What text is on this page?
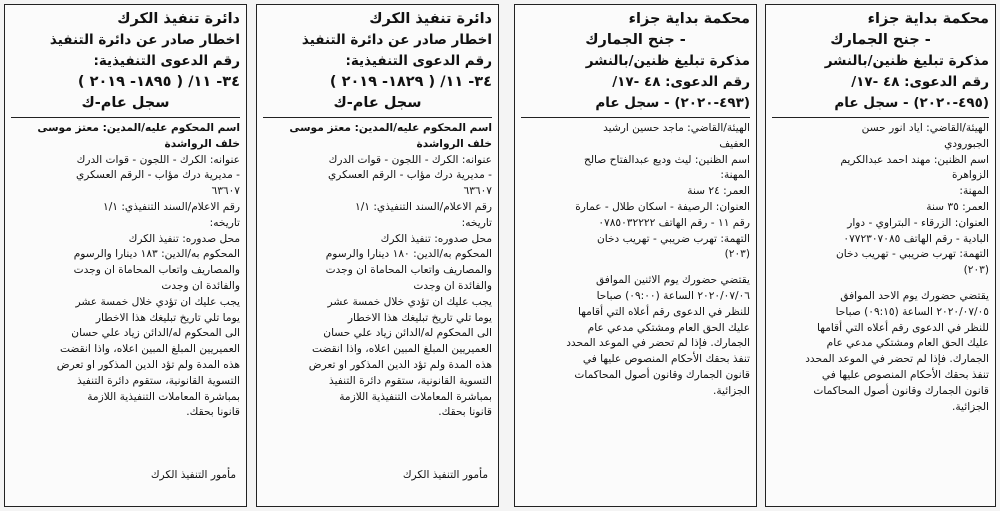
دائرة تنفيذ الكرك

اخطار صادر عن دائرة التنفيذ

رقم الدعوى التنفيذية:

٣٤- ١١/ ( ١٨٩٥- ٢٠١٩ )

سجل عام-ك

اسم المحكوم عليه/المدين: معتز موسى

خلف الرواشدة

عنوانه: الكرك - اللجون - قوات الدرك

- مديرية درك مؤاب - الرقم العسكري

٦٣٦٠٧

رقم الاعلام/السند التنفيذي: ١/١

تاريخه:

محل صدوره: تنفيذ الكرك

المحكوم به/الدين: ١٨٣ دينارا والرسوم

والمصاريف واتعاب المحاماة ان وجدت

والفائدة ان وجدت

يجب عليك ان تؤدي خلال خمسة عشر

يوما تلي تاريخ تبليغك هذا الاخطار

الى المحكوم له/الدائن زياد علي حسان

العميريين المبلغ المبين اعلاه، واذا انقضت

هذه المدة ولم تؤد الدين المذكور او تعرض

التسوية القانونية، ستقوم دائرة التنفيذ

بمباشرة المعاملات التنفيذية اللازمة

قانونا بحقك.

مأمور التنفيذ الكرك

دائرة تنفيذ الكرك

اخطار صادر عن دائرة التنفيذ

رقم الدعوى التنفيذية:

٣٤- ١١/ ( ١٨٢٩- ٢٠١٩ )

سجل عام-ك

اسم المحكوم عليه/المدين: معتز موسى

خلف الرواشدة

عنوانه: الكرك - اللجون - قوات الدرك

- مديرية درك مؤاب - الرقم العسكري

٦٣٦٠٧

رقم الاعلام/السند التنفيذي: ١/١

تاريخه:

محل صدوره: تنفيذ الكرك

المحكوم به/الدين: ١٨٠ دينارا والرسوم

والمصاريف واتعاب المحاماة ان وجدت

والفائدة ان وجدت

يجب عليك ان تؤدي خلال خمسة عشر

يوما تلي تاريخ تبليغك هذا الاخطار

الى المحكوم له/الدائن زياد علي حسان

العميريين المبلغ المبين اعلاه، واذا انقضت

هذه المدة ولم تؤد الدين المذكور او تعرض

التسوية القانونية، ستقوم دائرة التنفيذ

بمباشرة المعاملات التنفيذية اللازمة

قانونا بحقك.

مأمور التنفيذ الكرك

محكمة بداية جزاء

- جنح الجمارك

مذكرة تبليغ ظنين/بالنشر

رقم الدعوى: ٤٨ -١٧/

(٤٩٣-٢٠٢٠) - سجل عام

الهيئة/القاضي: ماجد حسين ارشيد

العفيف

اسم الظنين: ليث وديع عبدالفتاح صالح

المهنة:

العمر: ٢٤ سنة

العنوان: الرصيفة - اسكان طلال - عمارة

رقم ١١ - رقم الهاتف ٠٧٨٥٠٣٢٢٢٢

التهمة: تهرب ضريبي - تهريب دخان

(٢٠٣)

يقتضي حضورك يوم الاثنين الموافق

٢٠٢٠/٠٧/٠٦ الساعة (٠٩:٠٠) صباحا

للنظر في الدعوى رقم أعلاه التي أقامها

عليك الحق العام ومشتكي مدعي عام

الجمارك. فإذا لم تحضر في الموعد المحدد

تنفذ بحقك الأحكام المنصوص عليها في

قانون الجمارك وقانون أصول المحاكمات

الجزائية.

محكمة بداية جزاء

- جنح الجمارك

مذكرة تبليغ ظنين/بالنشر

رقم الدعوى: ٤٨ -١٧/

(٤٩٥-٢٠٢٠) - سجل عام

الهيئة/القاضي: اياد انور حسن

الجبورودي

اسم الظنين: مهند احمد عبدالكريم

الزواهرة

المهنة:

العمر: ٣٥ سنة

العنوان: الزرقاء - البتراوي - دوار

البادية - رقم الهاتف ٠٧٧٢٣٠٧٠٨٥

التهمة: تهرب ضريبي - تهريب دخان

(٢٠٣)

يقتضي حضورك يوم الاحد الموافق

٢٠٢٠/٠٧/٠٥ الساعة (٠٩:١٥) صباحا

للنظر في الدعوى رقم أعلاه التي أقامها

عليك الحق العام ومشتكي مدعي عام

الجمارك. فإذا لم تحضر في الموعد المحدد

تنفذ بحقك الأحكام المنصوص عليها في

قانون الجمارك وقانون أصول المحاكمات

الجزائية.
